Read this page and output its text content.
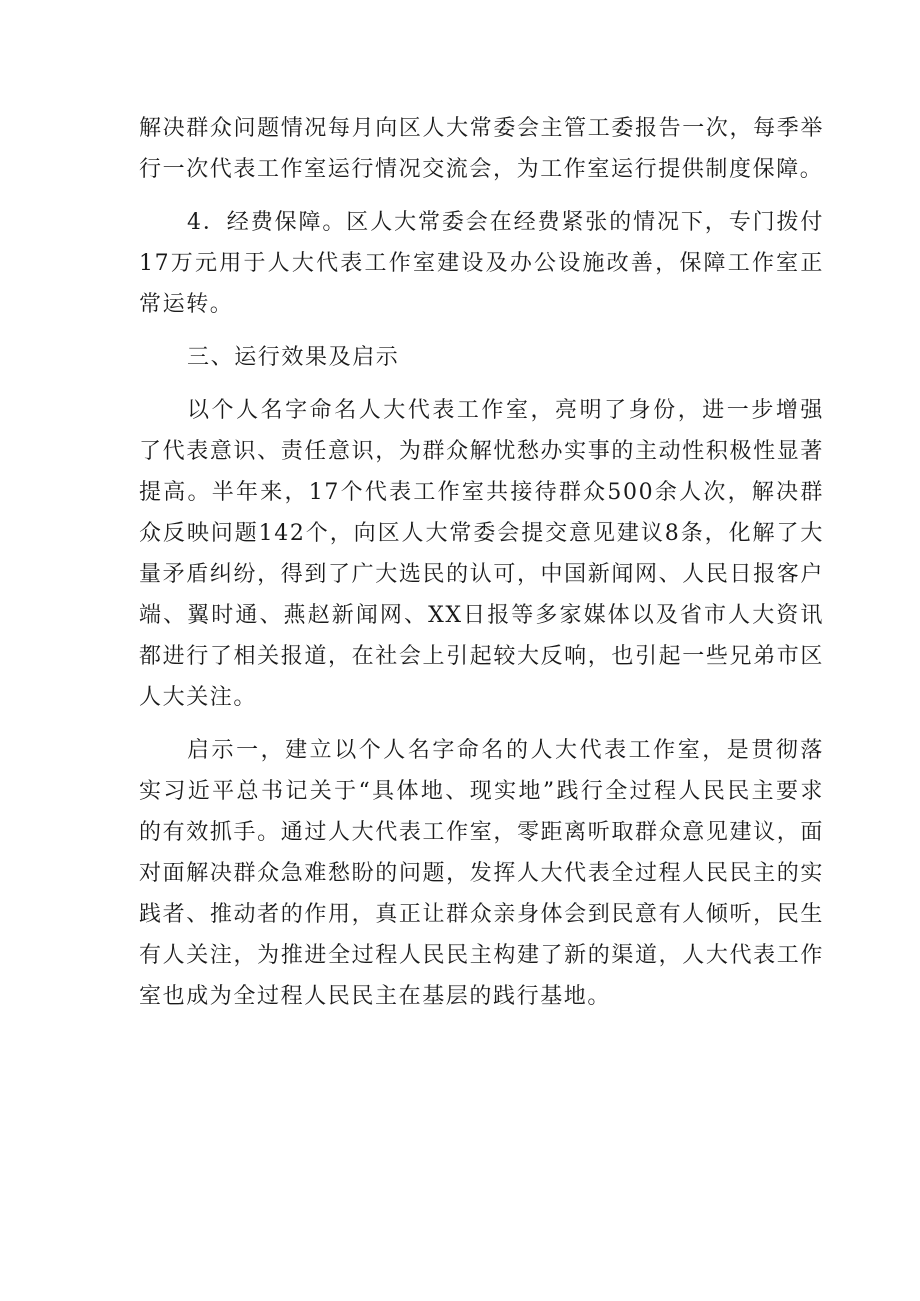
解决群众问题情况每月向区人大常委会主管工委报告一次，每季举行一次代表工作室运行情况交流会，为工作室运行提供制度保障。

4．经费保障。区人大常委会在经费紧张的情况下，专门拨付17万元用于人大代表工作室建设及办公设施改善，保障工作室正常运转。

三、运行效果及启示

以个人名字命名人大代表工作室，亮明了身份，进一步增强了代表意识、责任意识，为群众解忧愁办实事的主动性积极性显著提高。半年来，17个代表工作室共接待群众500余人次，解决群众反映问题142个，向区人大常委会提交意见建议8条，化解了大量矛盾纠纷，得到了广大选民的认可，中国新闻网、人民日报客户端、翼时通、燕赵新闻网、XX日报等多家媒体以及省市人大资讯都进行了相关报道，在社会上引起较大反响，也引起一些兄弟市区人大关注。

启示一，建立以个人名字命名的人大代表工作室，是贯彻落实习近平总书记关于“具体地、现实地”践行全过程人民民主要求的有效抓手。通过人大代表工作室，零距离听取群众意见建议，面对面解决群众急难愁盼的问题，发挥人大代表全过程人民民主的实践者、推动者的作用，真正让群众亲身体会到民意有人倾听，民生有人关注，为推进全过程人民民主构建了新的渠道，人大代表工作室也成为全过程人民民主在基层的践行基地。
